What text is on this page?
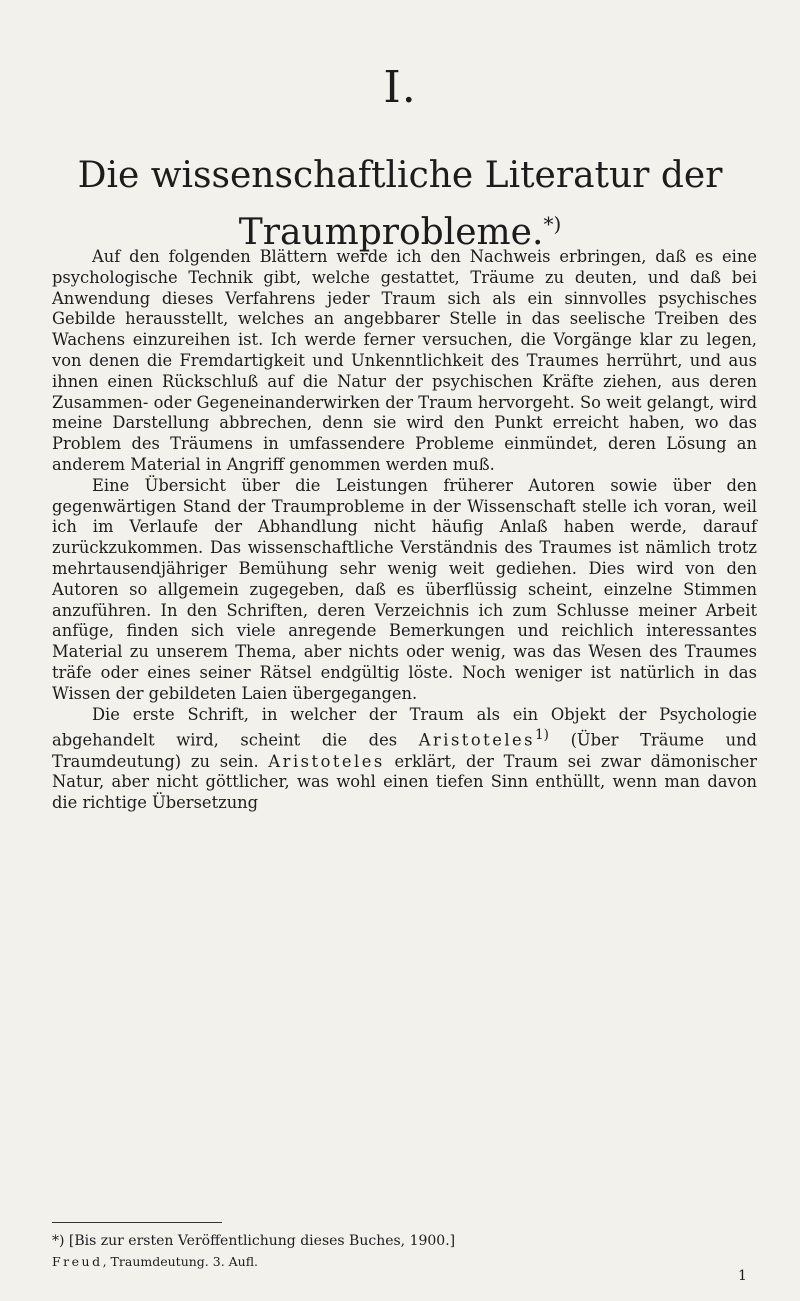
I.
Die wissenschaftliche Literatur der
Traumprobleme.*)

Auf den folgenden Blättern werde ich den Nachweis erbringen, daß es eine psychologische Technik gibt, welche gestattet, Träume zu deuten, und daß bei Anwendung dieses Verfahrens jeder Traum sich als ein sinnvolles psychisches Gebilde herausstellt, welches an angebbarer Stelle in das seelische Treiben des Wachens einzureihen ist. Ich werde ferner versuchen, die Vorgänge klar zu legen, von denen die Fremdartigkeit und Unkenntlichkeit des Traumes herrührt, und aus ihnen einen Rückschluß auf die Natur der psychischen Kräfte ziehen, aus deren Zusammen- oder Gegeneinanderwirken der Traum hervorgeht. So weit gelangt, wird meine Darstellung abbrechen, denn sie wird den Punkt erreicht haben, wo das Problem des Träumens in umfassendere Probleme einmündet, deren Lösung an anderem Material in Angriff genommen werden muß.

Eine Übersicht über die Leistungen früherer Autoren sowie über den gegenwärtigen Stand der Traumprobleme in der Wissenschaft stelle ich voran, weil ich im Verlaufe der Abhandlung nicht häufig Anlaß haben werde, darauf zurückzukommen. Das wissenschaftliche Verständnis des Traumes ist nämlich trotz mehrtausendjähriger Bemühung sehr wenig weit gediehen. Dies wird von den Autoren so allgemein zugegeben, daß es überflüssig scheint, einzelne Stimmen anzuführen. In den Schriften, deren Verzeichnis ich zum Schlusse meiner Arbeit anfüge, finden sich viele anregende Bemerkungen und reichlich interessantes Material zu unserem Thema, aber nichts oder wenig, was das Wesen des Traumes träfe oder eines seiner Rätsel endgültig löste. Noch weniger ist natürlich in das Wissen der gebildeten Laien übergegangen.

Die erste Schrift, in welcher der Traum als ein Objekt der Psychologie abgehandelt wird, scheint die des Aristoteles$^{1)}$ (Über Träume und Traumdeutung) zu sein. Aristoteles erklärt, der Traum sei zwar dämonischer Natur, aber nicht göttlicher, was wohl einen tiefen Sinn enthüllt, wenn man davon die richtige Übersetzung

*) [Bis zur ersten Veröffentlichung dieses Buches, 1900.]
Freud, Traumdeutung. 3. Aufl.
1
